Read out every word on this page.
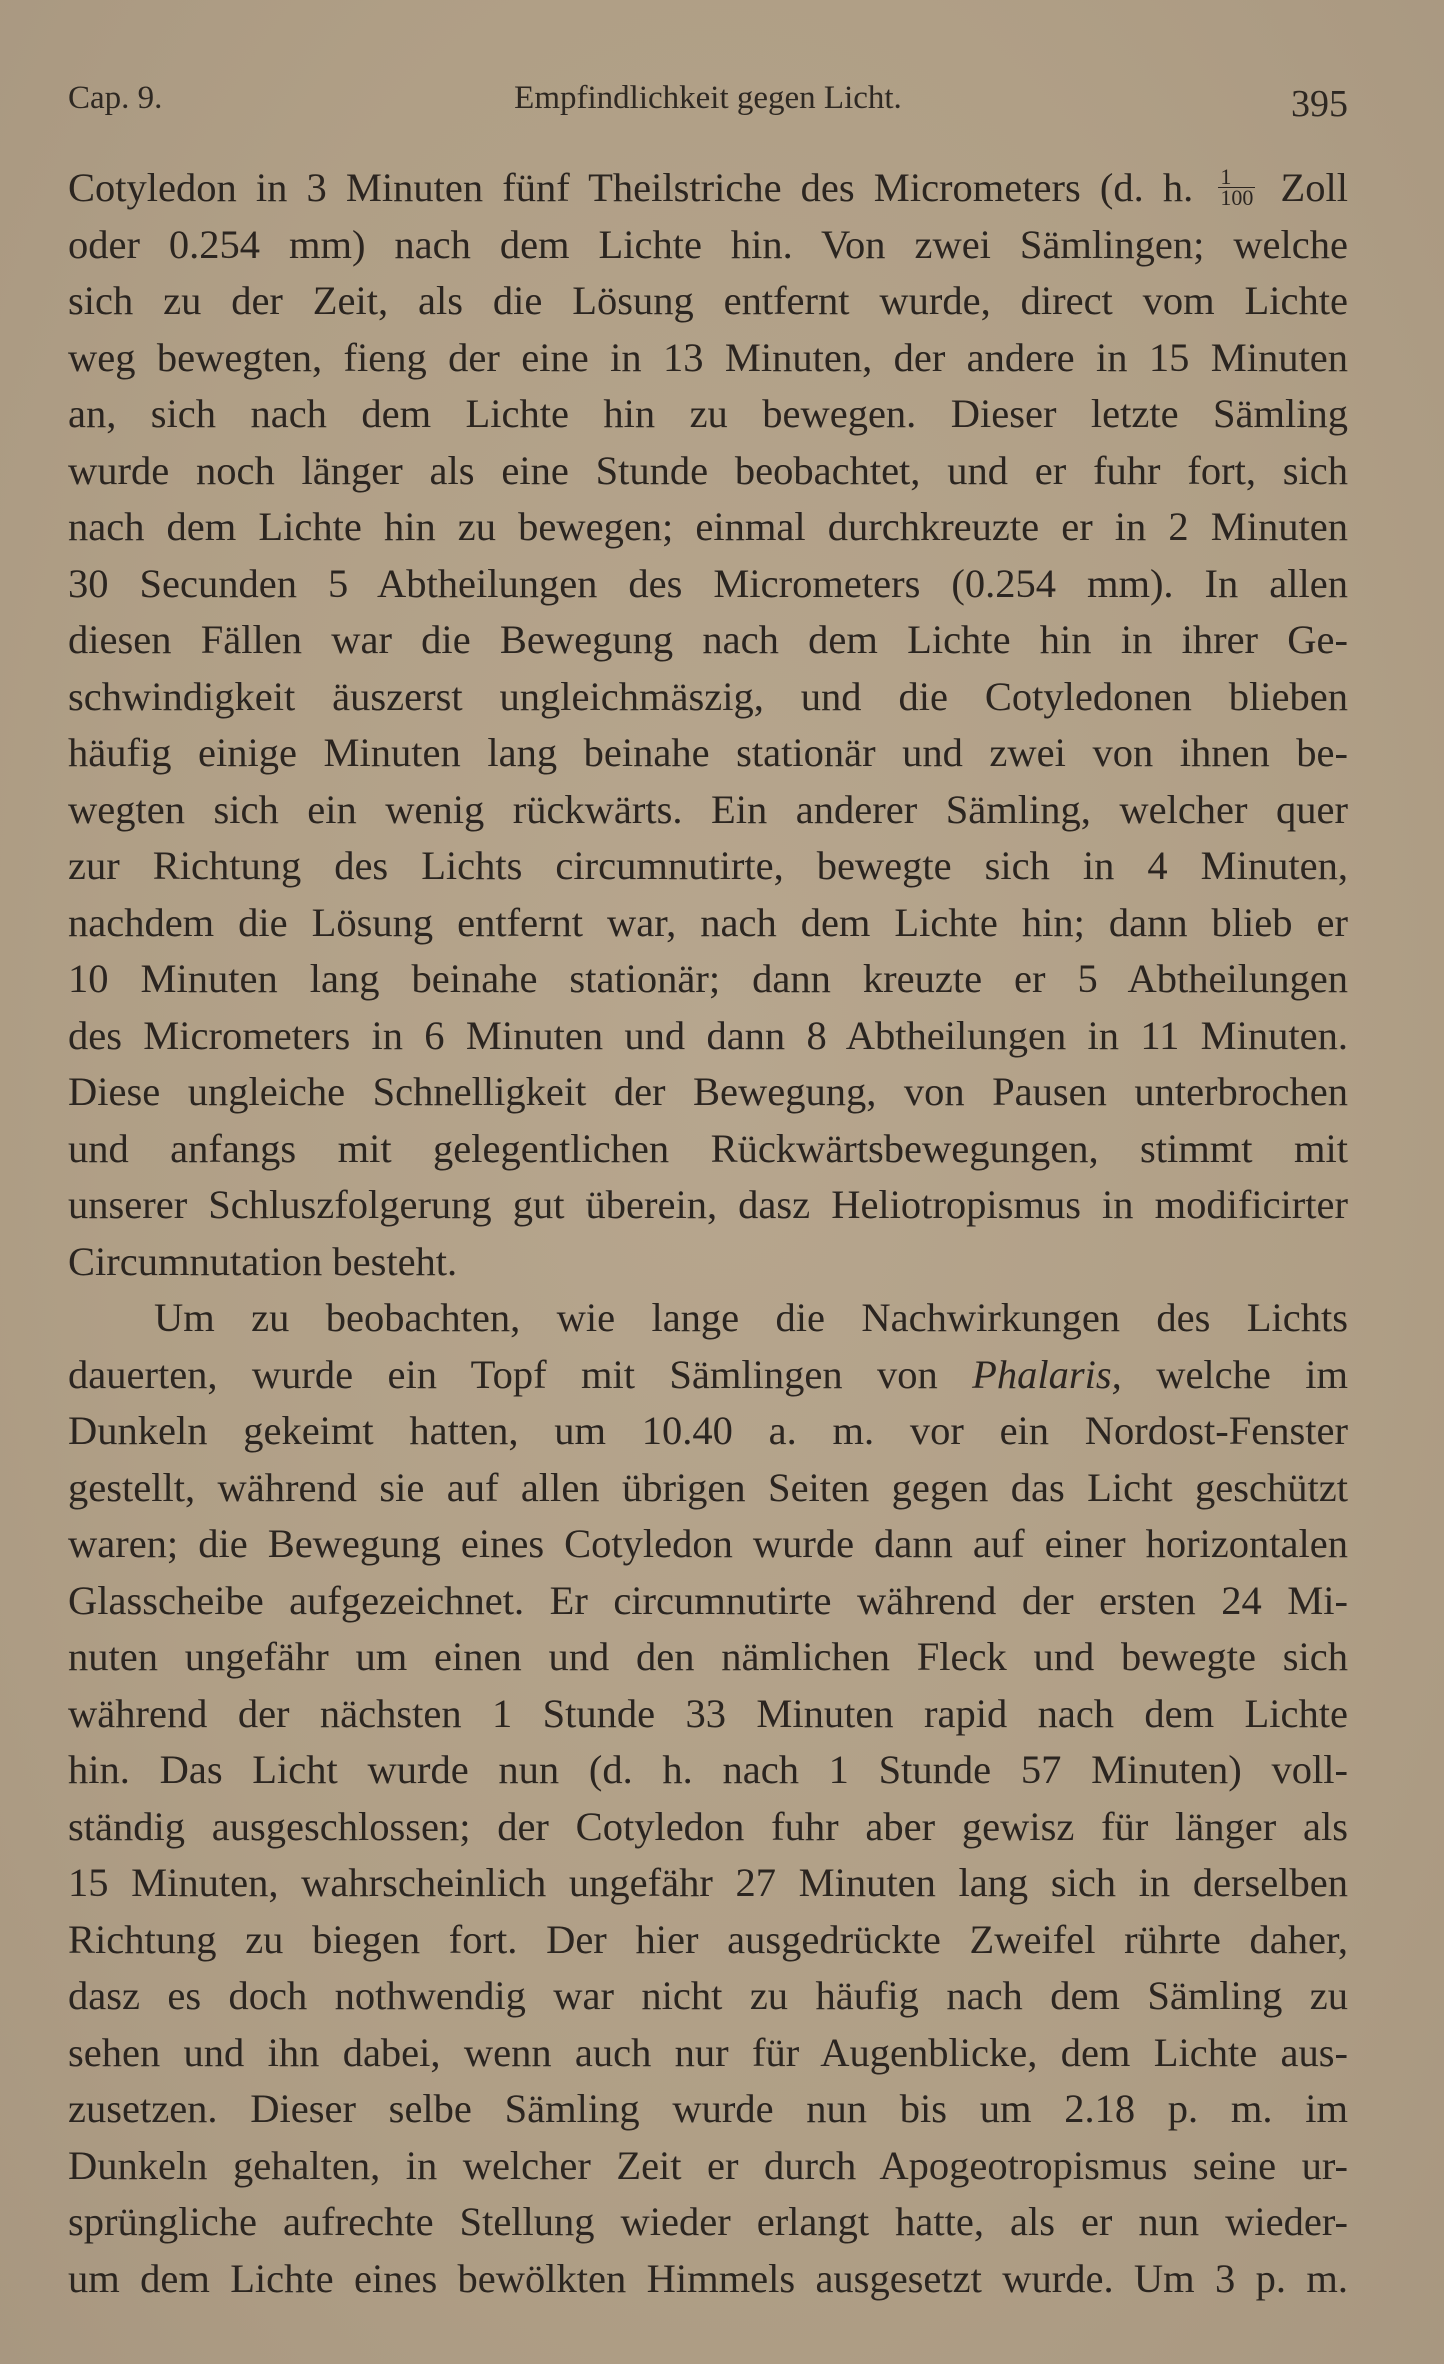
Cap. 9.	Empfindlichkeit gegen Licht.	395
Cotyledon in 3 Minuten fünf Theilstriche des Micrometers (d. h. $\frac{1}{100}$ Zoll
oder 0.254 mm) nach dem Lichte hin. Von zwei Sämlingen; welche
sich zu der Zeit, als die Lösung entfernt wurde, direct vom Lichte
weg bewegten, fieng der eine in 13 Minuten, der andere in 15 Minuten
an, sich nach dem Lichte hin zu bewegen. Dieser letzte Sämling
wurde noch länger als eine Stunde beobachtet, und er fuhr fort, sich
nach dem Lichte hin zu bewegen; einmal durchkreuzte er in 2 Minuten
30 Secunden 5 Abtheilungen des Micrometers (0.254 mm). In allen
diesen Fällen war die Bewegung nach dem Lichte hin in ihrer Ge-
schwindigkeit äuszerst ungleichmäszig, und die Cotyledonen blieben
häufig einige Minuten lang beinahe stationär und zwei von ihnen be-
wegten sich ein wenig rückwärts. Ein anderer Sämling, welcher quer
zur Richtung des Lichts circumnutirte, bewegte sich in 4 Minuten,
nachdem die Lösung entfernt war, nach dem Lichte hin; dann blieb er
10 Minuten lang beinahe stationär; dann kreuzte er 5 Abtheilungen
des Micrometers in 6 Minuten und dann 8 Abtheilungen in 11 Minuten.
Diese ungleiche Schnelligkeit der Bewegung, von Pausen unterbrochen
und anfangs mit gelegentlichen Rückwärtsbewegungen, stimmt mit
unserer Schluszfolgerung gut überein, dasz Heliotropismus in modificirter
Circumnutation besteht.
Um zu beobachten, wie lange die Nachwirkungen des Lichts
dauerten, wurde ein Topf mit Sämlingen von Phalaris, welche im
Dunkeln gekeimt hatten, um 10.40 a. m. vor ein Nordost-Fenster
gestellt, während sie auf allen übrigen Seiten gegen das Licht geschützt
waren; die Bewegung eines Cotyledon wurde dann auf einer horizontalen
Glasscheibe aufgezeichnet. Er circumnutirte während der ersten 24 Mi-
nuten ungefähr um einen und den nämlichen Fleck und bewegte sich
während der nächsten 1 Stunde 33 Minuten rapid nach dem Lichte
hin. Das Licht wurde nun (d. h. nach 1 Stunde 57 Minuten) voll-
ständig ausgeschlossen; der Cotyledon fuhr aber gewisz für länger als
15 Minuten, wahrscheinlich ungefähr 27 Minuten lang sich in derselben
Richtung zu biegen fort. Der hier ausgedrückte Zweifel rührte daher,
dasz es doch nothwendig war nicht zu häufig nach dem Sämling zu
sehen und ihn dabei, wenn auch nur für Augenblicke, dem Lichte aus-
zusetzen. Dieser selbe Sämling wurde nun bis um 2.18 p. m. im
Dunkeln gehalten, in welcher Zeit er durch Apogeotropismus seine ur-
sprüngliche aufrechte Stellung wieder erlangt hatte, als er nun wieder-
um dem Lichte eines bewölkten Himmels ausgesetzt wurde. Um 3 p. m.
